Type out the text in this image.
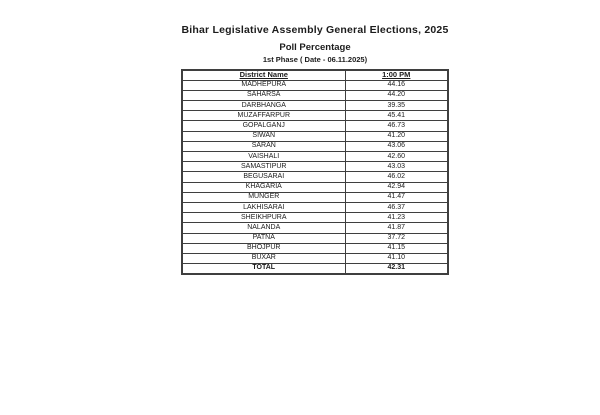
Bihar Legislative Assembly General Elections, 2025
Poll Percentage
1st Phase ( Date - 06.11.2025)
District Name	1:00 PM
MADHEPURA	44.16
SAHARSA	44.20
DARBHANGA	39.35
MUZAFFARPUR	45.41
GOPALGANJ	46.73
SIWAN	41.20
SARAN	43.06
VAISHALI	42.60
SAMASTIPUR	43.03
BEGUSARAI	46.02
KHAGARIA	42.94
MUNGER	41.47
LAKHISARAI	46.37
SHEIKHPURA	41.23
NALANDA	41.87
PATNA	37.72
BHOJPUR	41.15
BUXAR	41.10
TOTAL	42.31
